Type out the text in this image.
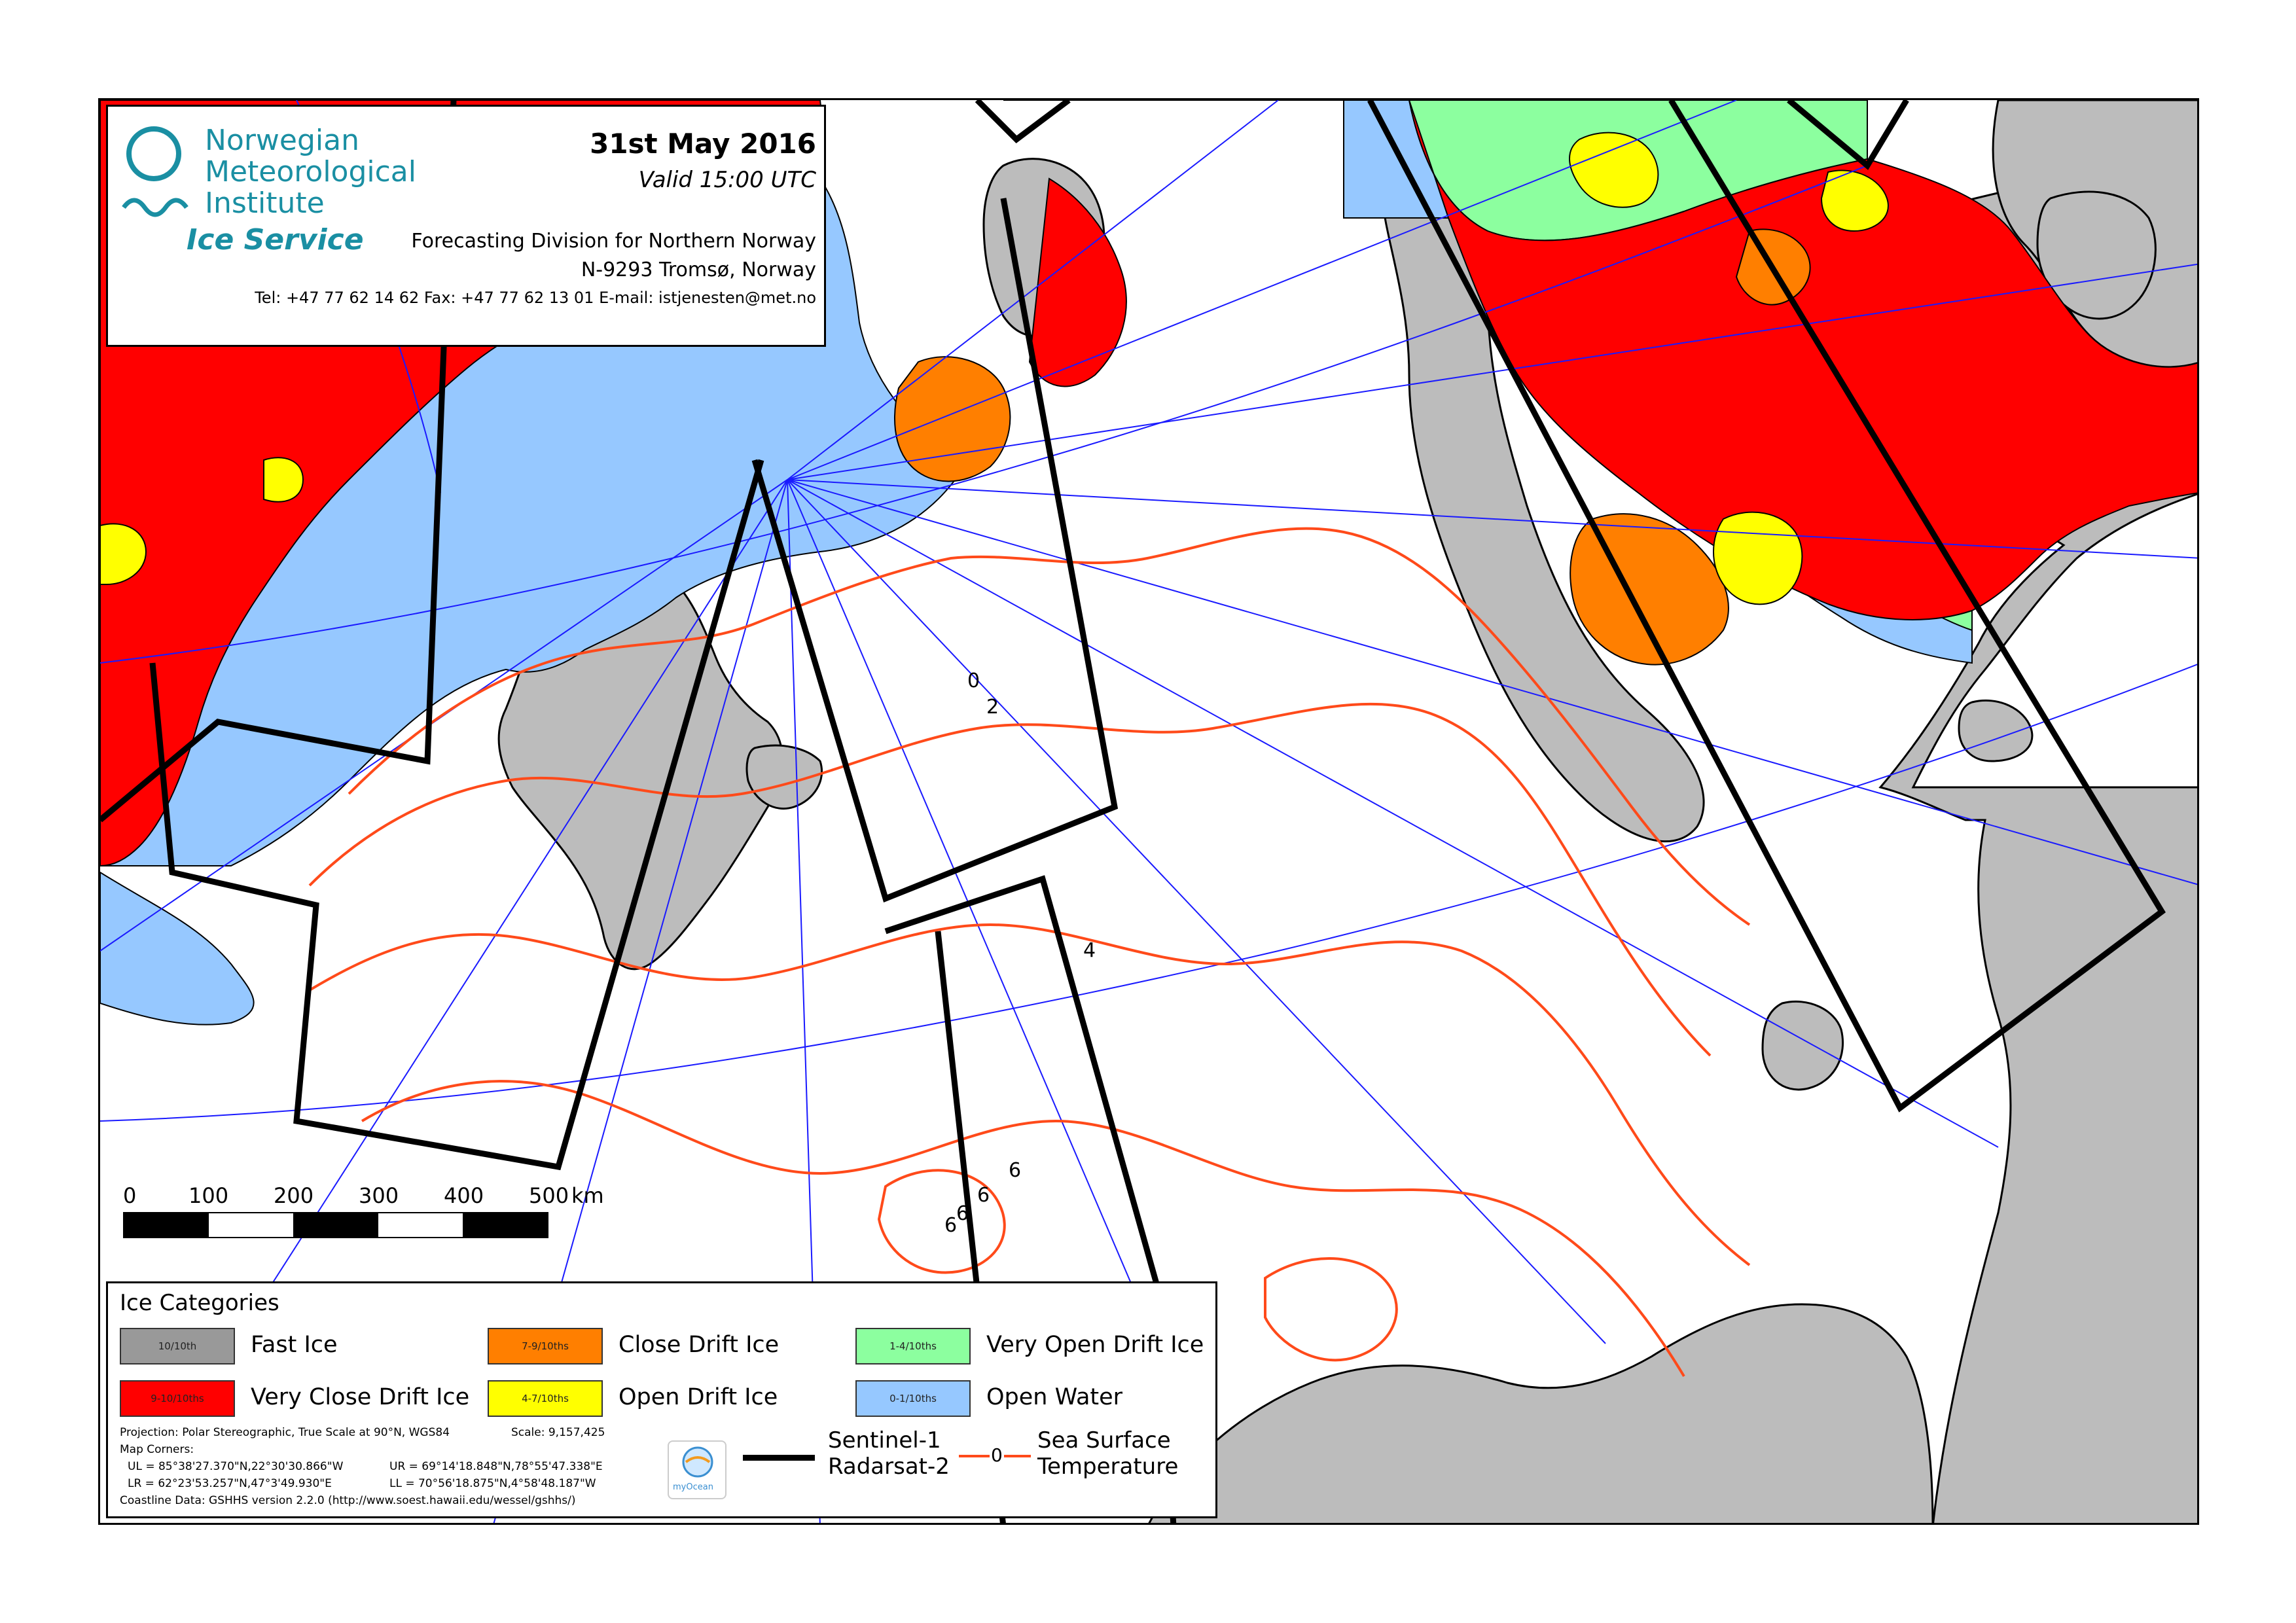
0
2
4
6
6
6
6
0 100 200 300 400 500 km
Norwegian
Meteorological
Institute
Ice Service
31st May 2016
Valid 15:00 UTC
Forecasting Division for Northern Norway
N-9293 Tromsø, Norway
Tel: +47 77 62 14 62 Fax: +47 77 62 13 01 E-mail: istjenesten@met.no
Ice Categories
10/10th	Fast Ice	7-9/10ths	Close Drift Ice	1-4/10ths	Very Open Drift Ice
9-10/10ths	Very Close Drift Ice	4-7/10ths	Open Drift Ice	0-1/10ths	Open Water
Projection: Polar Stereographic, True Scale at 90°N, WGS84	Scale: 9,157,425
Map Corners:
UL = 85°38'27.370"N,22°30'30.866"W	UR = 69°14'18.848"N,78°55'47.338"E
LR = 62°23'53.257"N,47°3'49.930"E	LL = 70°56'18.875"N,4°58'48.187"W
Coastline Data: GSHHS version 2.2.0 (http://www.soest.hawaii.edu/wessel/gshhs/)
myOcean
Sentinel-1
Radarsat-2 0
Sea Surface
Temperature
